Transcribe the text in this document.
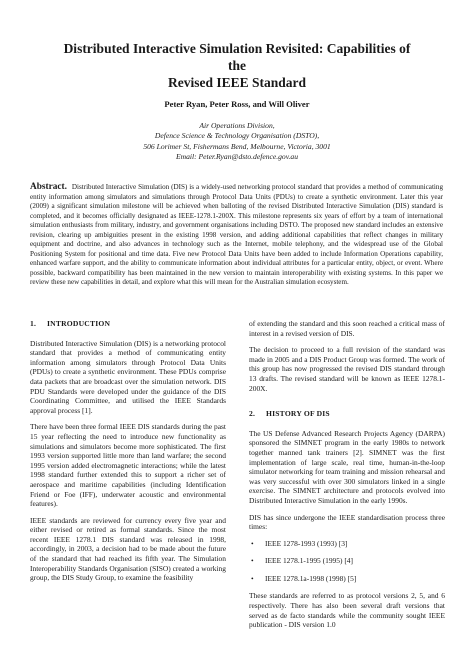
Distributed Interactive Simulation Revisited: Capabilities of the
Revised IEEE Standard
Peter Ryan, Peter Ross, and Will Oliver
Air Operations Division,
Defence Science & Technology Organisation (DSTO),
506 Lorimer St, Fishermans Bend, Melbourne, Victoria, 3001
Email: Peter.Ryan@dsto.defence.gov.au
Abstract. Distributed Interactive Simulation (DIS) is a widely-used networking protocol standard that provides a method of communicating entity information among simulators and simulations through Protocol Data Units (PDUs) to create a synthetic environment. Later this year (2009) a significant simulation milestone will be achieved when balloting of the revised Distributed Interactive Simulation (DIS) standard is completed, and it becomes officially designated as IEEE-1278.1-200X. This milestone represents six years of effort by a team of international simulation enthusiasts from military, industry, and government organisations including DSTO. The proposed new standard includes an extensive revision, clearing up ambiguities present in the existing 1998 version, and adding additional capabilities that reflect changes in military equipment and doctrine, and also advances in technology such as the Internet, mobile telephony, and the widespread use of the Global Positioning System for positional and time data. Five new Protocol Data Units have been added to include Information Operations capability, enhanced warfare support, and the ability to communicate information about individual attributes for a particular entity, object, or event. Where possible, backward compatibility has been maintained in the new version to maintain interoperability with existing systems. In this paper we review these new capabilities in detail, and explore what this will mean for the Australian simulation ecosystem.
1. INTRODUCTION

Distributed Interactive Simulation (DIS) is a networking protocol standard that provides a method of communicating entity information among simulators through Protocol Data Units (PDUs) to create a synthetic environment. These PDUs comprise data packets that are broadcast over the simulation network. DIS PDU Standards were developed under the guidance of the DIS Coordinating Committee, and utilised the IEEE Standards approval process [1].

There have been three formal IEEE DIS standards during the past 15 year reflecting the need to introduce new functionality as simulations and simulators become more sophisticated. The first 1993 version supported little more than land warfare; the second 1995 version added electromagnetic interactions; while the latest 1998 standard further extended this to support a richer set of aerospace and maritime capabilities (including Identification Friend or Foe (IFF), underwater acoustic and environmental features).

IEEE standards are reviewed for currency every five year and either revised or retired as formal standards. Since the most recent IEEE 1278.1 DIS standard was released in 1998, accordingly, in 2003, a decision had to be made about the future of the standard that had reached its fifth year. The Simulation Interoperability Standards Organisation (SISO) created a working group, the DIS Study Group, to examine the feasibility

of extending the standard and this soon reached a critical mass of interest in a revised version of DIS.

The decision to proceed to a full revision of the standard was made in 2005 and a DIS Product Group was formed. The work of this group has now progressed the revised DIS standard through 13 drafts. The revised standard will be known as IEEE 1278.1-200X.

2. HISTORY OF DIS

The US Defense Advanced Research Projects Agency (DARPA) sponsored the SIMNET program in the early 1980s to network together manned tank trainers [2]. SIMNET was the first implementation of large scale, real time, human-in-the-loop simulator networking for team training and mission rehearsal and was very successful with over 300 simulators linked in a single exercise. The SIMNET architecture and protocols evolved into Distributed Interactive Simulation in the early 1990s.

DIS has since undergone the IEEE standardisation process three times:

• IEEE 1278-1993 (1993) [3]
• IEEE 1278.1-1995 (1995) [4]
• IEEE 1278.1a-1998 (1998) [5]

These standards are referred to as protocol versions 2, 5, and 6 respectively. There has also been several draft versions that served as de facto standards while the community sought IEEE publication - DIS version 1.0
